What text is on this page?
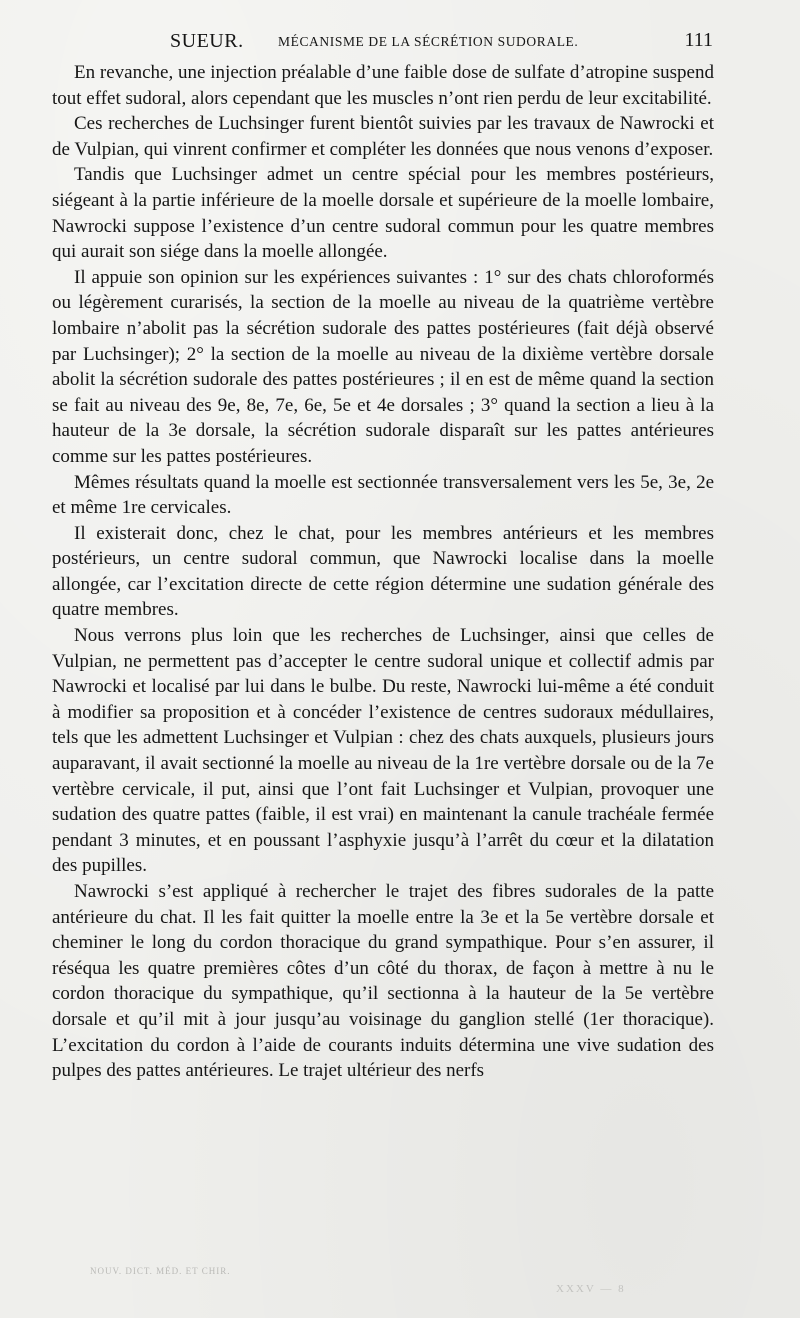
SUEUR.	MÉCANISME DE LA SÉCRÉTION SUDORALE.	111

En revanche, une injection préalable d’une faible dose de sulfate d’atropine suspend tout effet sudoral, alors cependant que les muscles n’ont rien perdu de leur excitabilité.

Ces recherches de Luchsinger furent bientôt suivies par les travaux de Nawrocki et de Vulpian, qui vinrent confirmer et compléter les données que nous venons d’exposer.

Tandis que Luchsinger admet un centre spécial pour les membres postérieurs, siégeant à la partie inférieure de la moelle dorsale et supérieure de la moelle lombaire, Nawrocki suppose l’existence d’un centre sudoral commun pour les quatre membres qui aurait son siége dans la moelle allongée.

Il appuie son opinion sur les expériences suivantes : 1° sur des chats chloroformés ou légèrement curarisés, la section de la moelle au niveau de la quatrième vertèbre lombaire n’abolit pas la sécrétion sudorale des pattes postérieures (fait déjà observé par Luchsinger); 2° la section de la moelle au niveau de la dixième vertèbre dorsale abolit la sécrétion sudorale des pattes postérieures ; il en est de même quand la section se fait au niveau des 9e, 8e, 7e, 6e, 5e et 4e dorsales ; 3° quand la section a lieu à la hauteur de la 3e dorsale, la sécrétion sudorale disparaît sur les pattes antérieures comme sur les pattes postérieures.

Mêmes résultats quand la moelle est sectionnée transversalement vers les 5e, 3e, 2e et même 1re cervicales.

Il existerait donc, chez le chat, pour les membres antérieurs et les membres postérieurs, un centre sudoral commun, que Nawrocki localise dans la moelle allongée, car l’excitation directe de cette région détermine une sudation générale des quatre membres.

Nous verrons plus loin que les recherches de Luchsinger, ainsi que celles de Vulpian, ne permettent pas d’accepter le centre sudoral unique et collectif admis par Nawrocki et localisé par lui dans le bulbe. Du reste, Nawrocki lui-même a été conduit à modifier sa proposition et à concéder l’existence de centres sudoraux médullaires, tels que les admettent Luchsinger et Vulpian : chez des chats auxquels, plusieurs jours auparavant, il avait sectionné la moelle au niveau de la 1re vertèbre dorsale ou de la 7e vertèbre cervicale, il put, ainsi que l’ont fait Luchsinger et Vulpian, provoquer une sudation des quatre pattes (faible, il est vrai) en maintenant la canule trachéale fermée pendant 3 minutes, et en poussant l’asphyxie jusqu’à l’arrêt du cœur et la dilatation des pupilles.

Nawrocki s’est appliqué à rechercher le trajet des fibres sudorales de la patte antérieure du chat. Il les fait quitter la moelle entre la 3e et la 5e vertèbre dorsale et cheminer le long du cordon thoracique du grand sympathique. Pour s’en assurer, il réséqua les quatre premières côtes d’un côté du thorax, de façon à mettre à nu le cordon thoracique du sympathique, qu’il sectionna à la hauteur de la 5e vertèbre dorsale et qu’il mit à jour jusqu’au voisinage du ganglion stellé (1er thoracique). L’excitation du cordon à l’aide de courants induits détermina une vive sudation des pulpes des pattes antérieures. Le trajet ultérieur des nerfs

NOUV. DICT. MÉD. ET CHIR.
XXXV — 8
